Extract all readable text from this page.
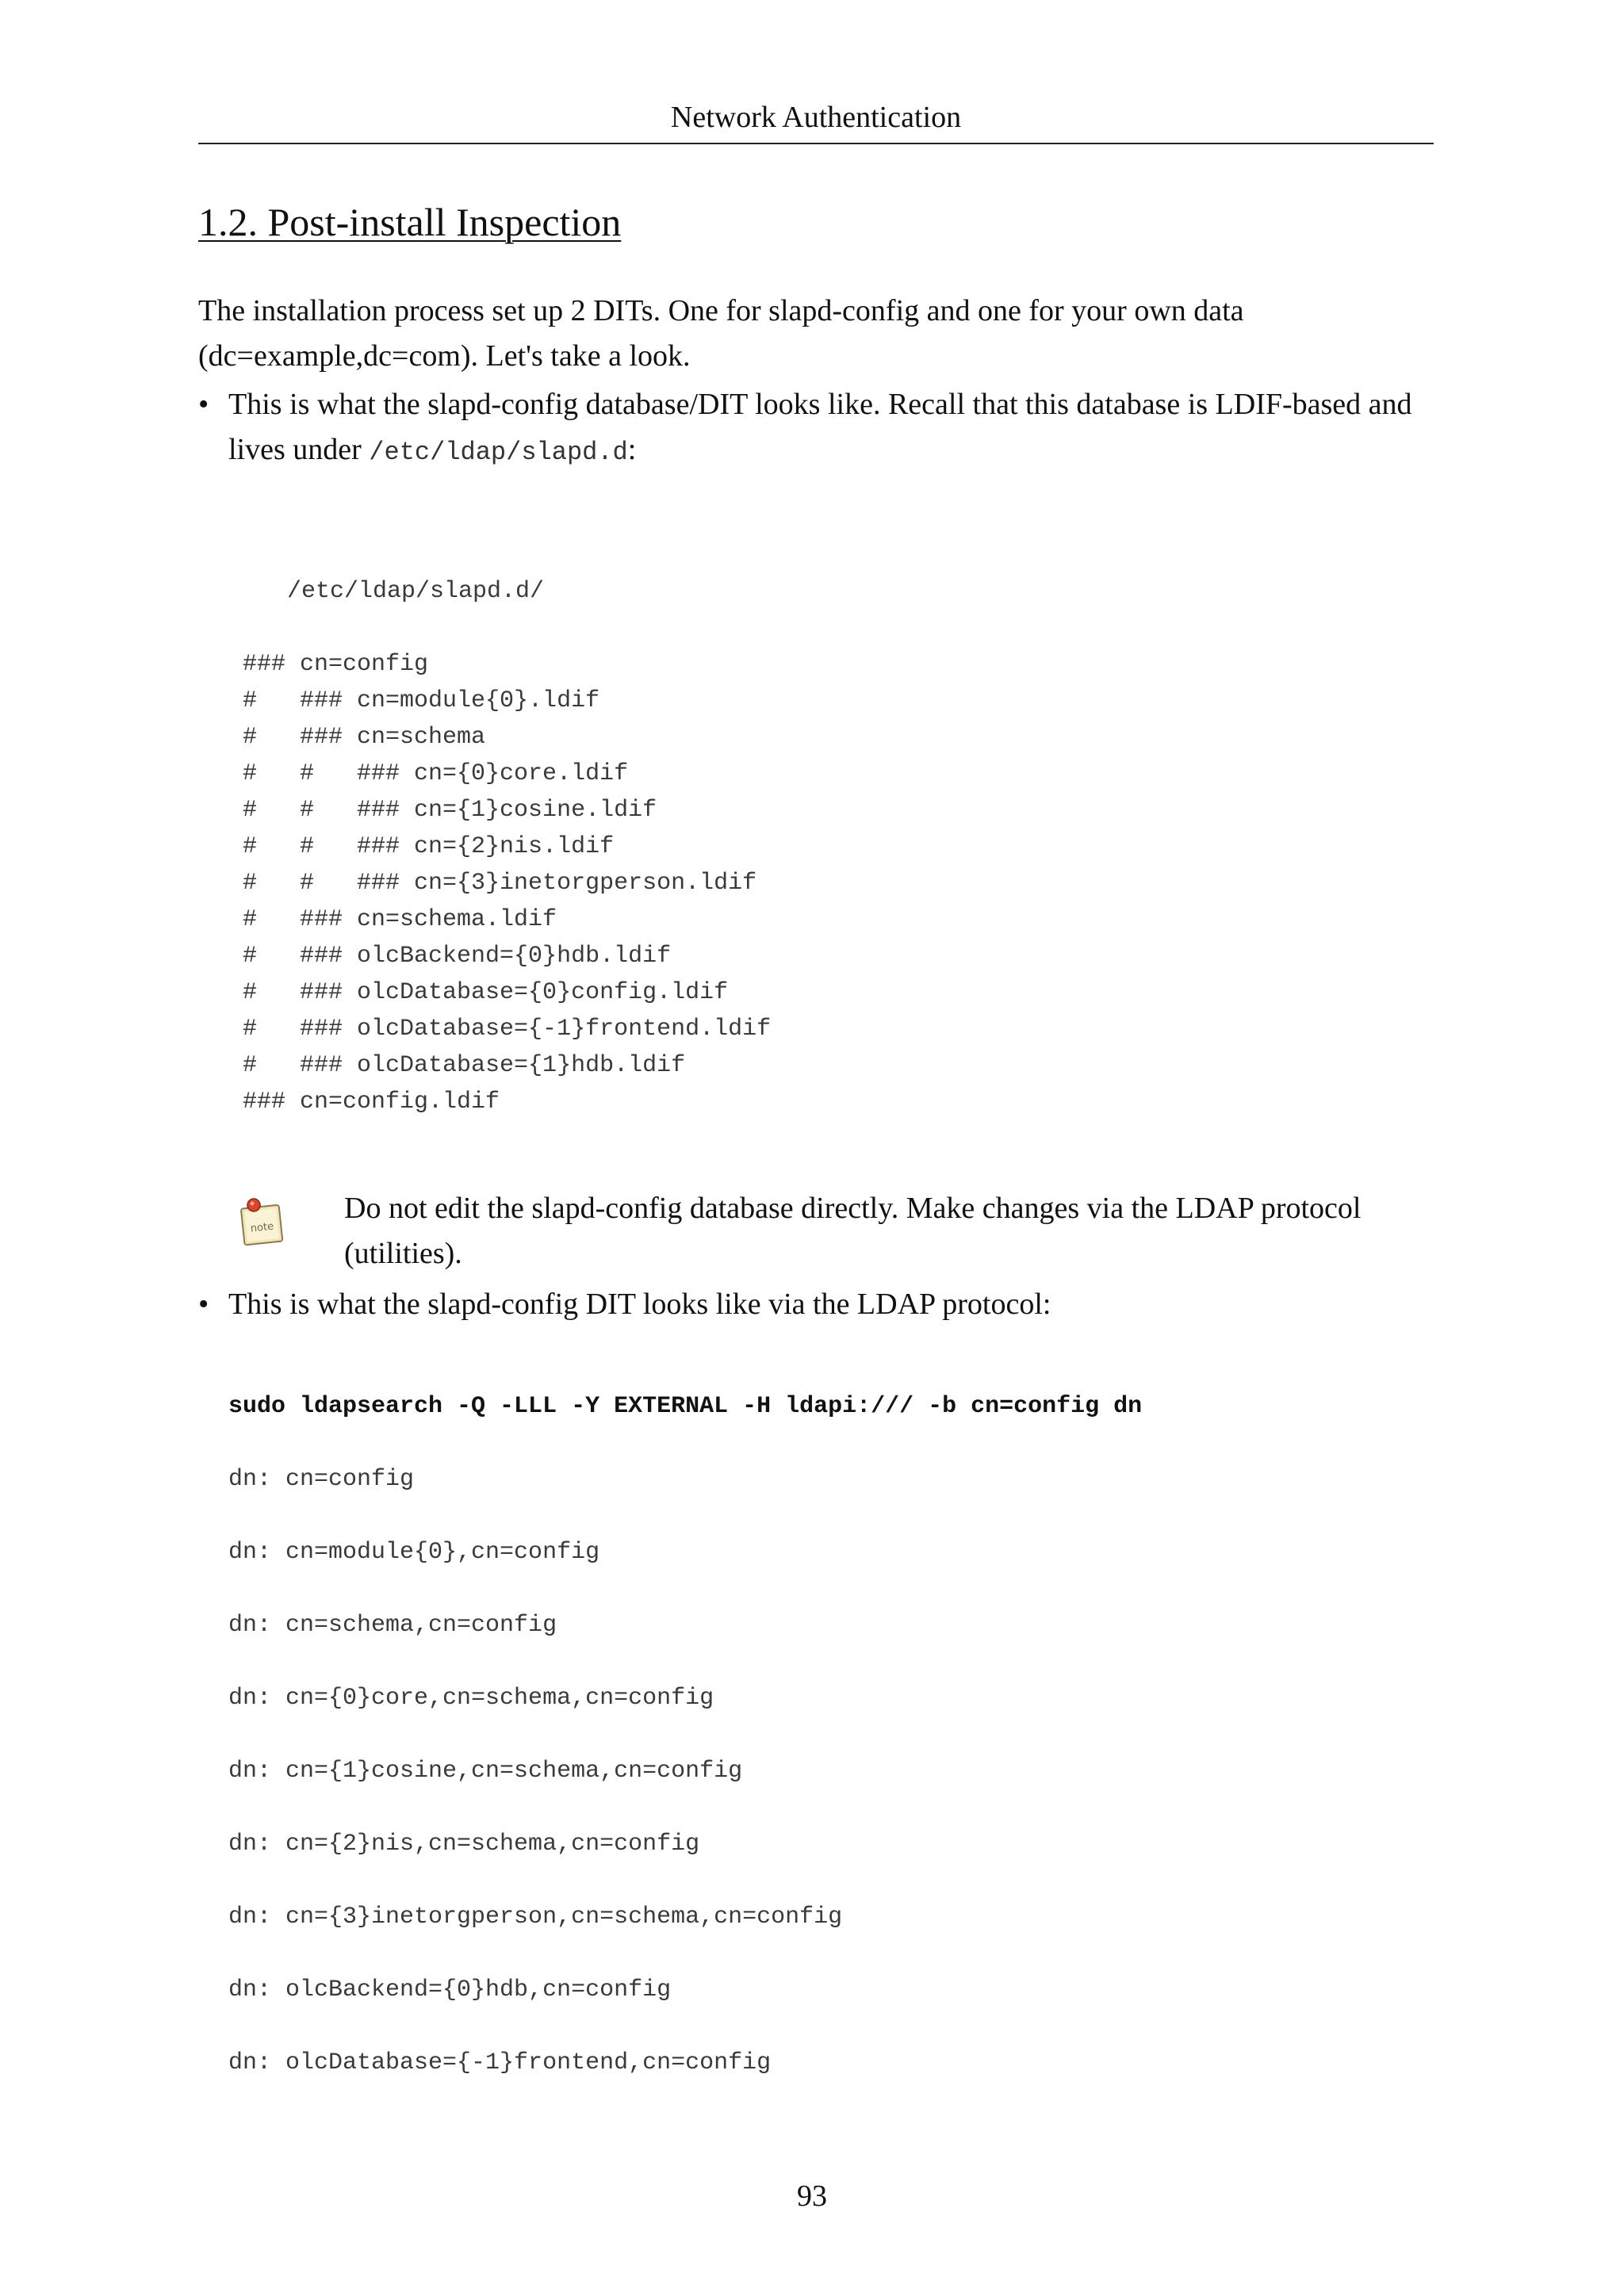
Network Authentication
1.2. Post-install Inspection

The installation process set up 2 DITs. One for slapd-config and one for your own data (dc=example,dc=com). Let's take a look.

• This is what the slapd-config database/DIT looks like. Recall that this database is LDIF-based and lives under /etc/ldap/slapd.d:
/etc/ldap/slapd.d/
### cn=config
#   ### cn=module{0}.ldif
#   ### cn=schema
#   #   ### cn={0}core.ldif
#   #   ### cn={1}cosine.ldif
#   #   ### cn={2}nis.ldif
#   #   ### cn={3}inetorgperson.ldif
#   ### cn=schema.ldif
#   ### olcBackend={0}hdb.ldif
#   ### olcDatabase={0}config.ldif
#   ### olcDatabase={-1}frontend.ldif
#   ### olcDatabase={1}hdb.ldif
### cn=config.ldif
note

Do not edit the slapd-config database directly. Make changes via the LDAP protocol (utilities).

• This is what the slapd-config DIT looks like via the LDAP protocol:
sudo ldapsearch -Q -LLL -Y EXTERNAL -H ldapi:/// -b cn=config dn
dn: cn=config
dn: cn=module{0},cn=config
dn: cn=schema,cn=config
dn: cn={0}core,cn=schema,cn=config
dn: cn={1}cosine,cn=schema,cn=config
dn: cn={2}nis,cn=schema,cn=config
dn: cn={3}inetorgperson,cn=schema,cn=config
dn: olcBackend={0}hdb,cn=config
dn: olcDatabase={-1}frontend,cn=config
93
